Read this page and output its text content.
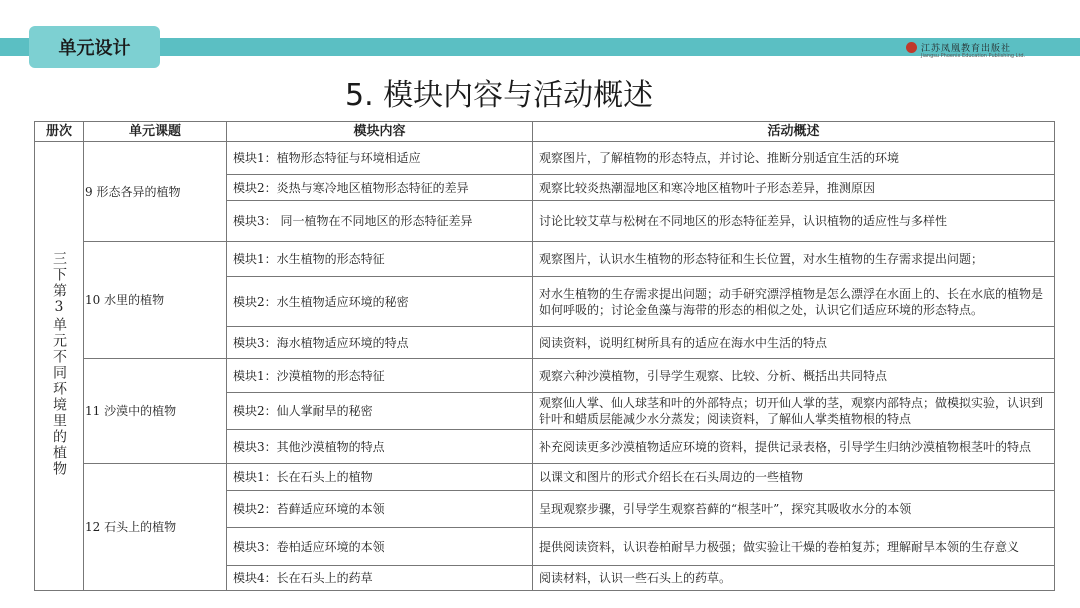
单元设计	江苏凤凰教育出版社
Jiangsu Phoenix Education Publishing Ltd.
5. 模块内容与活动概述
册次	单元课题	模块内容	活动概述
三下第3单元不同环境里的植物	9 形态各异的植物	模块1：植物形态特征与环境相适应	观察图片，了解植物的形态特点，并讨论、推断分别适宜生活的环境
		模块2：炎热与寒冷地区植物形态特征的差异	观察比较炎热潮湿地区和寒冷地区植物叶子形态差异，推测原因
		模块3： 同一植物在不同地区的形态特征差异	讨论比较艾草与松树在不同地区的形态特征差异，认识植物的适应性与多样性
	10 水里的植物	模块1：水生植物的形态特征	观察图片，认识水生植物的形态特征和生长位置，对水生植物的生存需求提出问题；
		模块2：水生植物适应环境的秘密	对水生植物的生存需求提出问题；动手研究漂浮植物是怎么漂浮在水面上的、长在水底的植物是如何呼吸的；讨论金鱼藻与海带的形态的相似之处，认识它们适应环境的形态特点。
		模块3：海水植物适应环境的特点	阅读资料，说明红树所具有的适应在海水中生活的特点
	11 沙漠中的植物	模块1：沙漠植物的形态特征	观察六种沙漠植物，引导学生观察、比较、分析、概括出共同特点
		模块2：仙人掌耐旱的秘密	观察仙人掌、仙人球茎和叶的外部特点；切开仙人掌的茎，观察内部特点；做模拟实验，认识到针叶和蜡质层能减少水分蒸发；阅读资料，了解仙人掌类植物根的特点
		模块3：其他沙漠植物的特点	补充阅读更多沙漠植物适应环境的资料，提供记录表格，引导学生归纳沙漠植物根茎叶的特点
	12 石头上的植物	模块1：长在石头上的植物	以课文和图片的形式介绍长在石头周边的一些植物
		模块2：苔藓适应环境的本领	呈现观察步骤，引导学生观察苔藓的“根茎叶”，探究其吸收水分的本领
		模块3：卷柏适应环境的本领	提供阅读资料，认识卷柏耐旱力极强；做实验让干燥的卷柏复苏；理解耐旱本领的生存意义
		模块4：长在石头上的药草	阅读材料，认识一些石头上的药草。
